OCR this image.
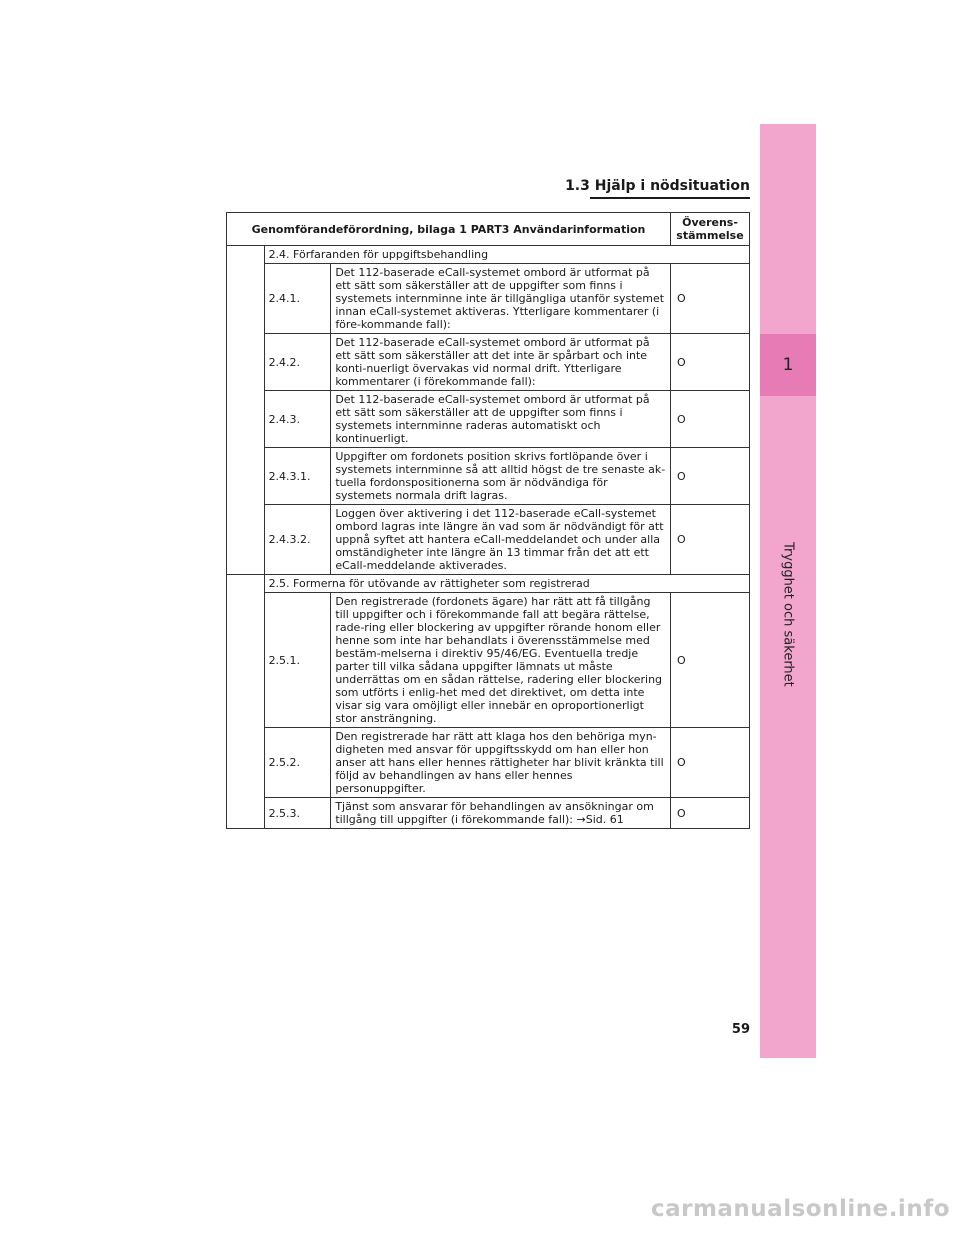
1
Trygghet och säkerhet
1.3 Hjälp i nödsituation
Genomförandeförordning, bilaga 1 PART3 Användarinformation			Överens-stämmelse
	2.4. Förfaranden för uppgiftsbehandling		
	2.4.1.	Det 112-baserade eCall-systemet ombord är utformat på ett sätt som säkerställer att de uppgifter som finns i systemets internminne inte är tillgängliga utanför systemet innan eCall-systemet aktiveras. Ytterligare kommentarer (i före-kommande fall):	O
	2.4.2.	Det 112-baserade eCall-systemet ombord är utformat på ett sätt som säkerställer att det inte är spårbart och inte konti-nuerligt övervakas vid normal drift. Ytterligare kommentarer (i förekommande fall):	O
	2.4.3.	Det 112-baserade eCall-systemet ombord är utformat på ett sätt som säkerställer att de uppgifter som finns i systemets internminne raderas automatiskt och kontinuerligt.	O
	2.4.3.1.	Uppgifter om fordonets position skrivs fortlöpande över i systemets internminne så att alltid högst de tre senaste ak-tuella fordonspositionerna som är nödvändiga för systemets normala drift lagras.	O
	2.4.3.2.	Loggen över aktivering i det 112-baserade eCall-systemet ombord lagras inte längre än vad som är nödvändigt för att uppnå syftet att hantera eCall-meddelandet och under alla omständigheter inte längre än 13 timmar från det att ett eCall-meddelande aktiverades.	O
	2.5. Formerna för utövande av rättigheter som registrerad		
	2.5.1.	Den registrerade (fordonets ägare) har rätt att få tillgång till uppgifter och i förekommande fall att begära rättelse, rade-ring eller blockering av uppgifter rörande honom eller henne som inte har behandlats i överensstämmelse med bestäm-melserna i direktiv 95/46/EG. Eventuella tredje parter till vilka sådana uppgifter lämnats ut måste underrättas om en sådan rättelse, radering eller blockering som utförts i enlig-het med det direktivet, om detta inte visar sig vara omöjligt eller innebär en oproportionerligt stor ansträngning.	O
	2.5.2.	Den registrerade har rätt att klaga hos den behöriga myn-digheten med ansvar för uppgiftsskydd om han eller hon anser att hans eller hennes rättigheter har blivit kränkta till följd av behandlingen av hans eller hennes personuppgifter.	O
	2.5.3.	Tjänst som ansvarar för behandlingen av ansökningar om tillgång till uppgifter (i förekommande fall): →Sid. 61	O
59
carmanualsonline.info
